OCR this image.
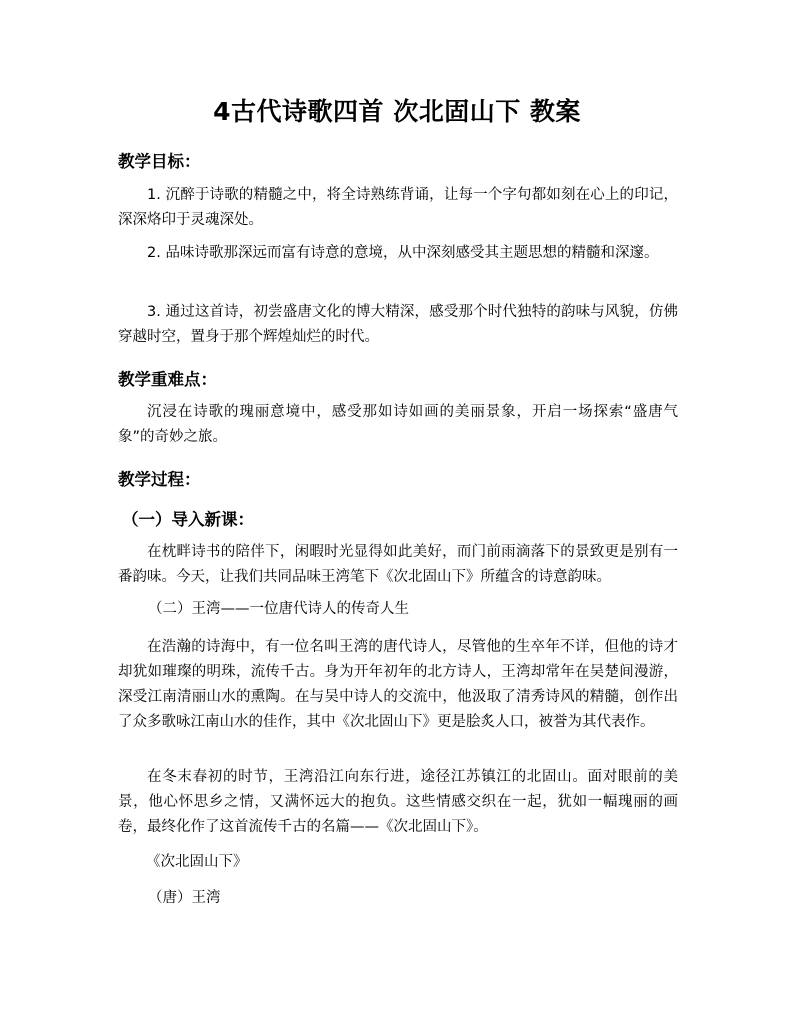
4古代诗歌四首 次北固山下 教案
教学目标：

1. 沉醉于诗歌的精髓之中，将全诗熟练背诵，让每一个字句都如刻在心上的印记，深深烙印于灵魂深处。

2. 品味诗歌那深远而富有诗意的意境，从中深刻感受其主题思想的精髓和深邃。

3. 通过这首诗，初尝盛唐文化的博大精深，感受那个时代独特的韵味与风貌，仿佛穿越时空，置身于那个辉煌灿烂的时代。

教学重难点：

沉浸在诗歌的瑰丽意境中，感受那如诗如画的美丽景象，开启一场探索“盛唐气象”的奇妙之旅。

教学过程：
（一）导入新课：

在枕畔诗书的陪伴下，闲暇时光显得如此美好，而门前雨滴落下的景致更是别有一番韵味。今天，让我们共同品味王湾笔下《次北固山下》所蕴含的诗意韵味。

（二）王湾——一位唐代诗人的传奇人生

在浩瀚的诗海中，有一位名叫王湾的唐代诗人，尽管他的生卒年不详，但他的诗才却犹如璀璨的明珠，流传千古。身为开年初年的北方诗人，王湾却常年在吴楚间漫游，深受江南清丽山水的熏陶。在与吴中诗人的交流中，他汲取了清秀诗风的精髓，创作出了众多歌咏江南山水的佳作，其中《次北固山下》更是脍炙人口，被誉为其代表作。

在冬末春初的时节，王湾沿江向东行进，途径江苏镇江的北固山。面对眼前的美景，他心怀思乡之情，又满怀远大的抱负。这些情感交织在一起，犹如一幅瑰丽的画卷，最终化作了这首流传千古的名篇——《次北固山下》。

《次北固山下》
（唐）王湾
